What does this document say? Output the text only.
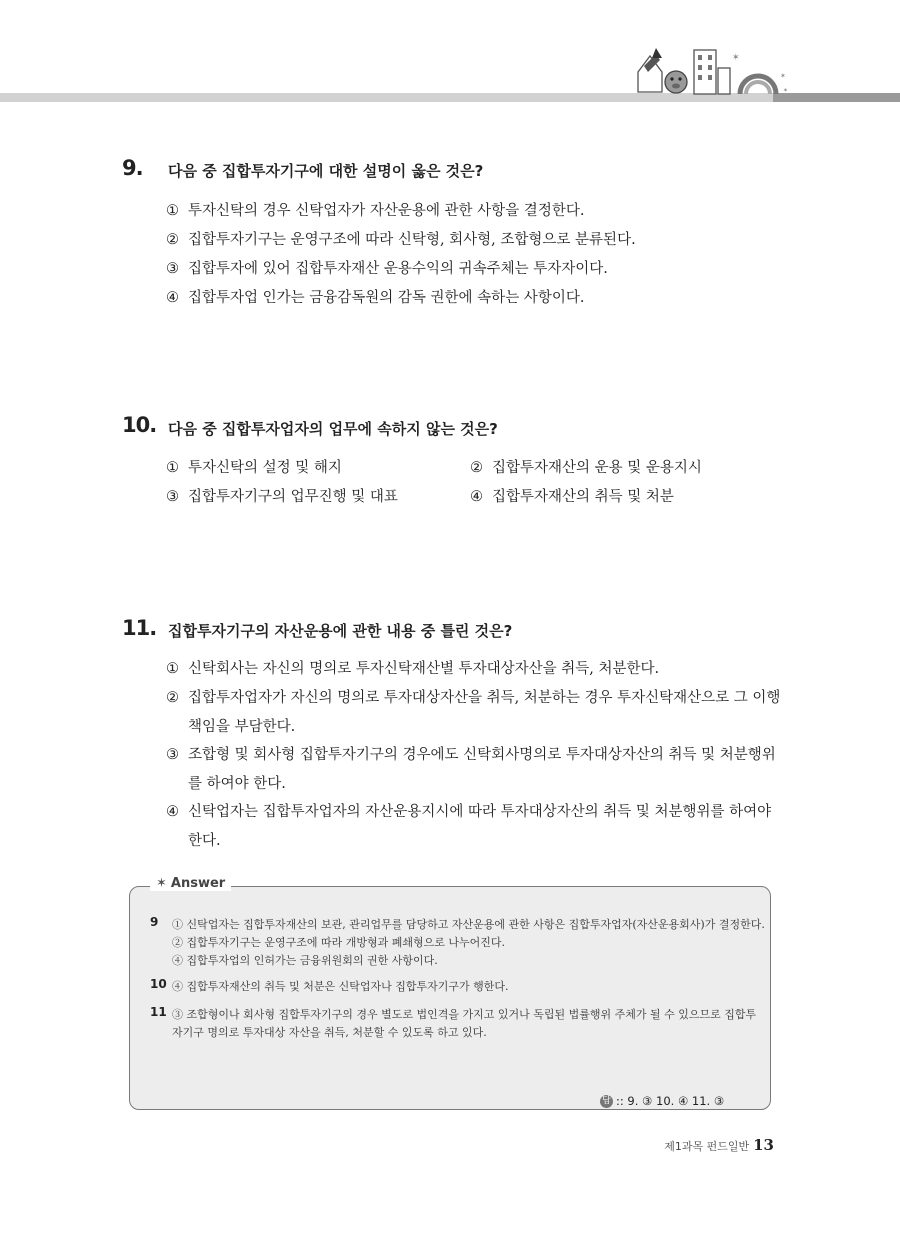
✶
✶
✶
9. 다음 중 집합투자기구에 대한 설명이 옳은 것은?
① 투자신탁의 경우 신탁업자가 자산운용에 관한 사항을 결정한다.
② 집합투자기구는 운영구조에 따라 신탁형, 회사형, 조합형으로 분류된다.
③ 집합투자에 있어 집합투자재산 운용수익의 귀속주체는 투자자이다.
④ 집합투자업 인가는 금융감독원의 감독 권한에 속하는 사항이다.
10. 다음 중 집합투자업자의 업무에 속하지 않는 것은?
① 투자신탁의 설정 및 해지	② 집합투자재산의 운용 및 운용지시
③ 집합투자기구의 업무진행 및 대표	④ 집합투자재산의 취득 및 처분
11. 집합투자기구의 자산운용에 관한 내용 중 틀린 것은?
① 신탁회사는 자신의 명의로 투자신탁재산별 투자대상자산을 취득, 처분한다.
② 집합투자업자가 자신의 명의로 투자대상자산을 취득, 처분하는 경우 투자신탁재산으로 그 이행
책임을 부담한다.
③ 조합형 및 회사형 집합투자기구의 경우에도 신탁회사명의로 투자대상자산의 취득 및 처분행위
를 하여야 한다.
④ 신탁업자는 집합투자업자의 자산운용지시에 따라 투자대상자산의 취득 및 처분행위를 하여야
한다.
✶ Answer
9 ① 신탁업자는 집합투자재산의 보관, 관리업무를 담당하고 자산운용에 관한 사항은 집합투자업자(자산운용회사)가 결정한다.
② 집합투자기구는 운영구조에 따라 개방형과 폐쇄형으로 나누어진다.
④ 집합투자업의 인허가는 금융위원회의 권한 사항이다.
10 ④ 집합투자재산의 취득 및 처분은 신탁업자나 집합투자기구가 행한다.
11 ③ 조합형이나 회사형 집합투자기구의 경우 별도로 법인격을 가지고 있거나 독립된 법률행위 주체가 될 수 있으므로 집합투
자기구 명의로 투자대상 자산을 취득, 처분할 수 있도록 하고 있다.
답 :: 9. ③ 10. ④ 11. ③
제1과목 펀드일반 13
